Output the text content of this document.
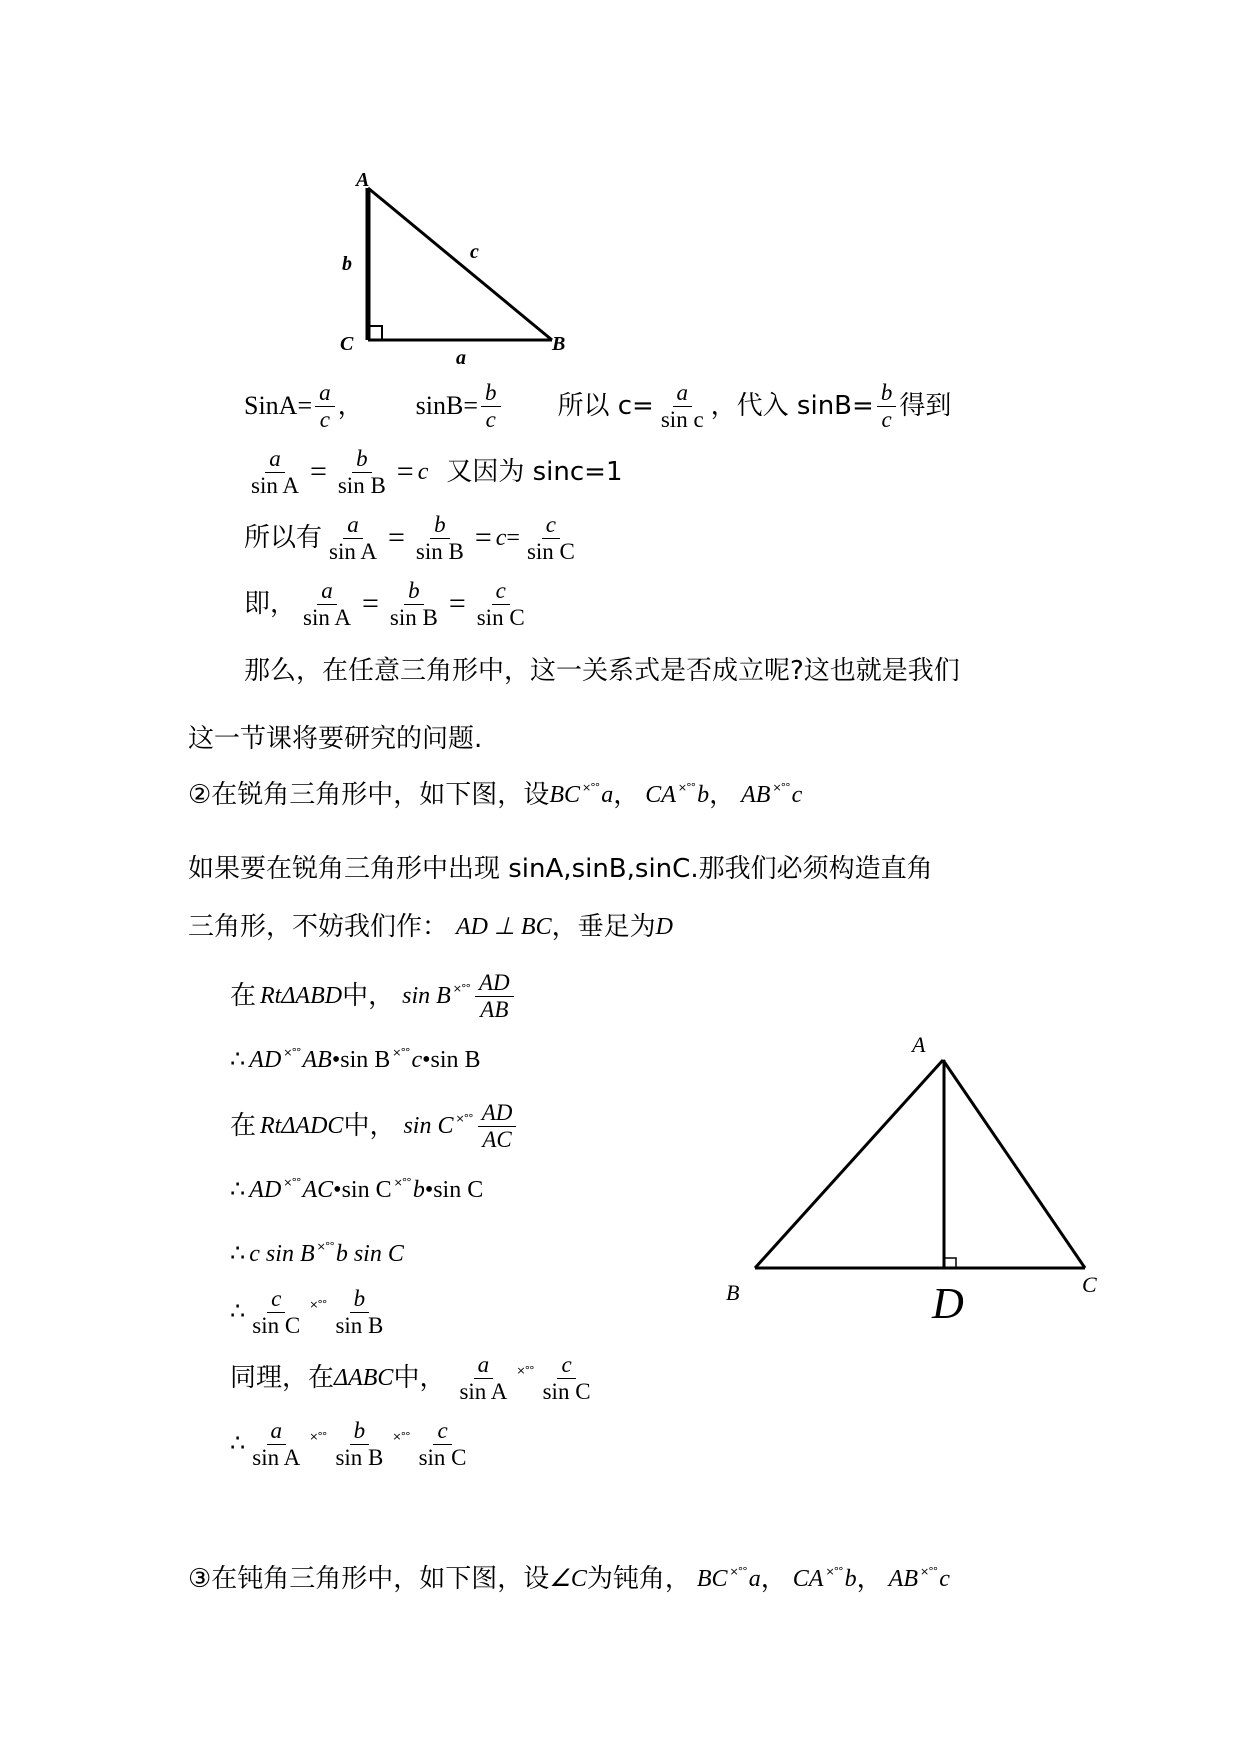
A
B
C
a
b
c
SinA= $\frac{a}{c}$ ， $\sin B= \frac{b}{c}$ 所以 $c= \frac{a}{\text{sin c}}$ ，代入 $\sin B= \frac{b}{c}$ 得到
$\frac{a}{\text{sin A}} = \frac{b}{\text{sin B}} = c$ 又因为 sinc=1
所以有 $\frac{a}{\text{sin A}} = \frac{b}{\text{sin B}} = c = \frac{c}{\text{sin C}}$
即， $\frac{a}{\text{sin A}} = \frac{b}{\text{sin B}} = \frac{c}{\text{sin C}}$
那么，在任意三角形中，这一关系式是否成立呢?这也就是我们
这一节课将要研究的问题.
②在锐角三角形中，如下图，设 BC ×°° a ， CA ×°° b ， AB ×°° c
如果要在锐角三角形中出现 sinA,sinB,sinC.那我们必须构造直角
三角形，不妨我们作： AD ⊥ BC ，垂足为 D
在 RtΔABD 中， sin B ×°° $\frac{AD}{AB}$
∴ AD ×°° AB • sin B ×°° c • sin B
在 RtΔADC 中， sin C ×°° $\frac{AD}{AC}$
∴ AD ×°° AC • sin C ×°° b • sin C
∴ c sin B ×°° b sin C
∴ $\frac{c}{\text{sin C}}$ ×°° $\frac{b}{\text{sin B}}$
同理，在 ΔABC 中， $\frac{a}{\text{sin A}}$ ×°° $\frac{c}{\text{sin C}}$
∴ $\frac{a}{\text{sin A}}$ ×°° $\frac{b}{\text{sin B}}$ ×°° $\frac{c}{\text{sin C}}$
A
B	C
D
③在钝角三角形中，如下图，设 ∠C 为钝角， BC ×°° a ， CA ×°° b ， AB ×°° c
